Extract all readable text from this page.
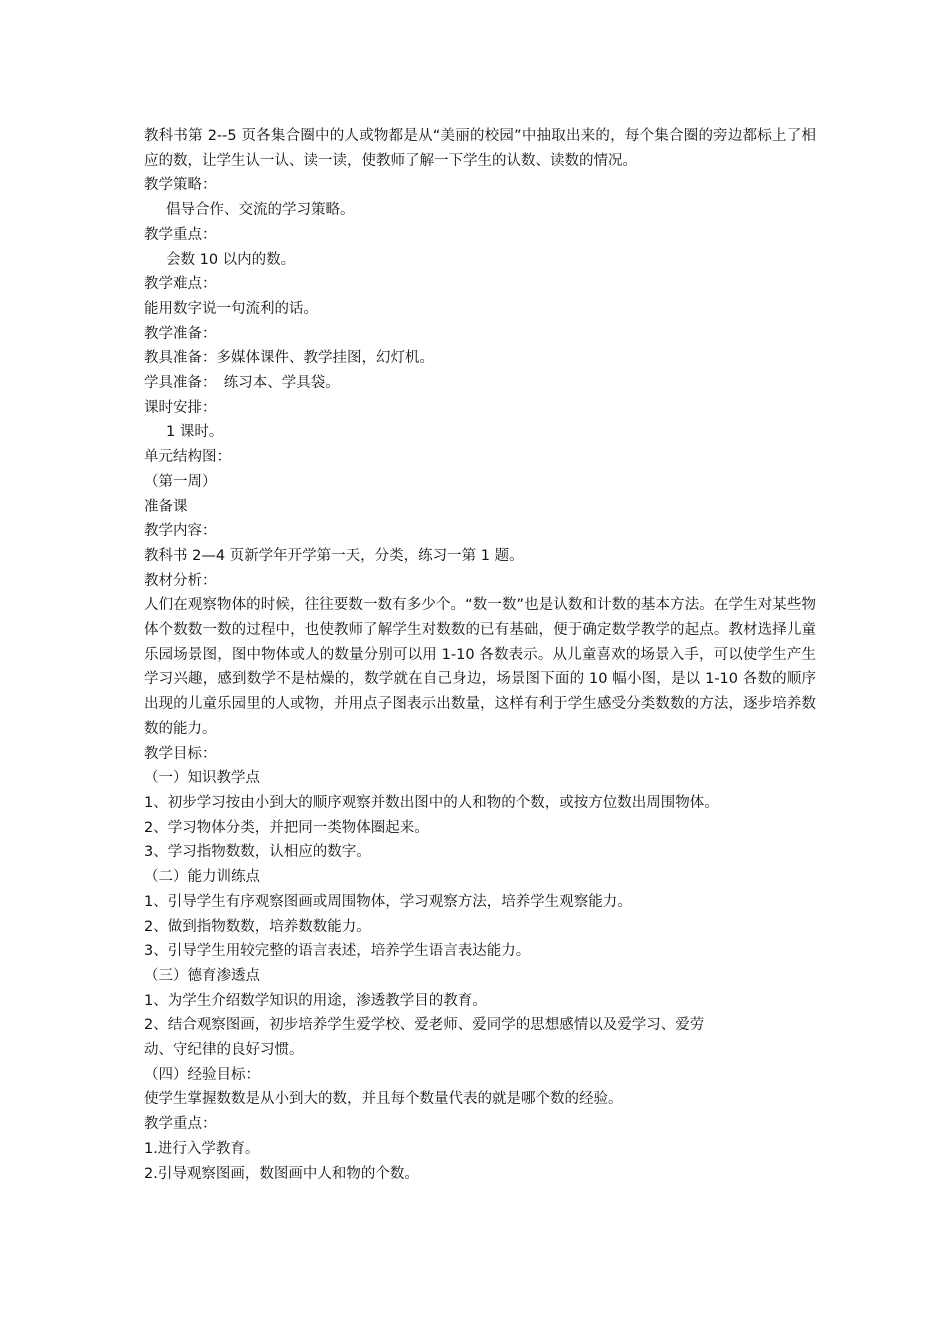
教科书第 2--5 页各集合圈中的人或物都是从“美丽的校园”中抽取出来的，每个集合圈的旁边都标上了相应的数，让学生认一认、读一读，使教师了解一下学生的认数、读数的情况。

教学策略：

倡导合作、交流的学习策略。

教学重点：

会数 10 以内的数。

教学难点：

能用数字说一句流利的话。

教学准备：

教具准备：多媒体课件、教学挂图，幻灯机。

学具准备：　练习本、学具袋。

课时安排：

1 课时。

单元结构图：

（第一周）

准备课

教学内容：

教科书 2—4 页新学年开学第一天，分类，练习一第 1 题。

教材分析：

人们在观察物体的时候，往往要数一数有多少个。“数一数”也是认数和计数的基本方法。在学生对某些物体个数数一数的过程中，也使教师了解学生对数数的已有基础，便于确定数学教学的起点。教材选择儿童乐园场景图，图中物体或人的数量分别可以用 1-10 各数表示。从儿童喜欢的场景入手，可以使学生产生学习兴趣，感到数学不是枯燥的，数学就在自己身边，场景图下面的 10 幅小图，是以 1-10 各数的顺序出现的儿童乐园里的人或物，并用点子图表示出数量，这样有利于学生感受分类数数的方法，逐步培养数数的能力。

教学目标：

（一）知识教学点

1、初步学习按由小到大的顺序观察并数出图中的人和物的个数，或按方位数出周围物体。

2、学习物体分类，并把同一类物体圈起来。

3、学习指物数数，认相应的数字。

（二）能力训练点

1、引导学生有序观察图画或周围物体，学习观察方法，培养学生观察能力。

2、做到指物数数，培养数数能力。

3、引导学生用较完整的语言表述，培养学生语言表达能力。

（三）德育渗透点

1、为学生介绍数学知识的用途，渗透教学目的教育。

2、结合观察图画，初步培养学生爱学校、爱老师、爱同学的思想感情以及爱学习、爱劳

动、守纪律的良好习惯。

（四）经验目标：

使学生掌握数数是从小到大的数，并且每个数量代表的就是哪个数的经验。

教学重点：

1.进行入学教育。

2.引导观察图画，数图画中人和物的个数。
